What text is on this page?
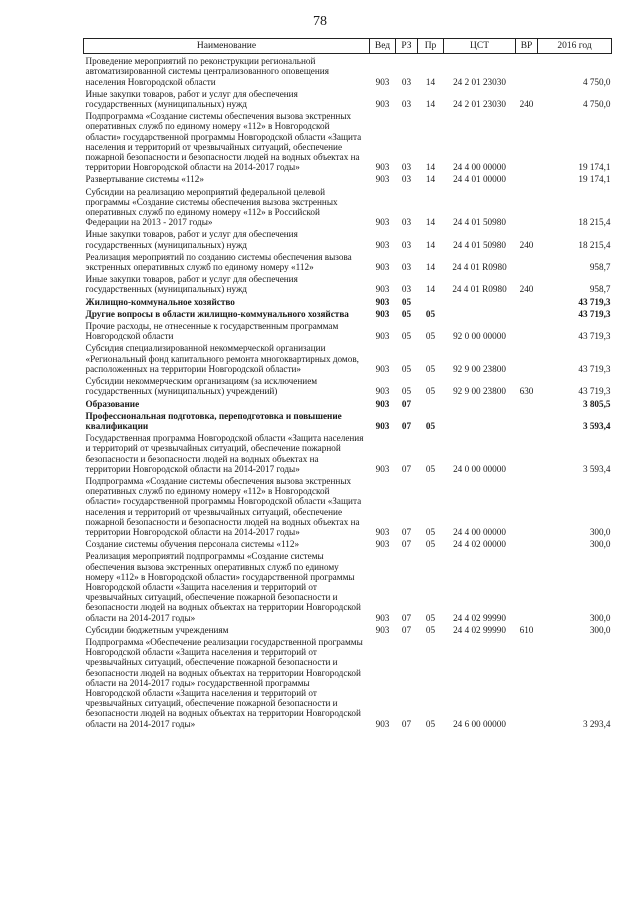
78
Наименование	Вед	РЗ	Пр	ЦСТ	ВР	2016 год
Проведение мероприятий по реконструкции региональной автоматизированной системы централизованного оповещения населения Новгородской области	903	03	14	24 2 01 23030		4 750,0
Иные закупки товаров, работ и услуг для обеспечения государственных (муниципальных) нужд	903	03	14	24 2 01 23030	240	4 750,0
Подпрограмма «Создание системы обеспечения вызова экстренных оперативных служб по единому номеру «112» в Новгородской области» государственной программы Новгородской области «Защита населения и территорий от чрезвычайных ситуаций, обеспечение пожарной безопасности и безопасности людей на водных объектах на территории Новгородской области на 2014-2017 годы»	903	03	14	24 4 00 00000		19 174,1
Развертывание системы «112»	903	03	14	24 4 01 00000		19 174,1
Субсидии на реализацию мероприятий федеральной целевой программы «Создание системы обеспечения вызова экстренных оперативных служб по единому номеру «112» в Российской Федерации на 2013 - 2017 годы»	903	03	14	24 4 01 50980		18 215,4
Иные закупки товаров, работ и услуг для обеспечения государственных (муниципальных) нужд	903	03	14	24 4 01 50980	240	18 215,4
Реализация мероприятий по созданию системы обеспечения вызова экстренных оперативных служб по единому номеру «112»	903	03	14	24 4 01 R0980		958,7
Иные закупки товаров, работ и услуг для обеспечения государственных (муниципальных) нужд	903	03	14	24 4 01 R0980	240	958,7
Жилищно-коммунальное хозяйство	903	05				43 719,3
Другие вопросы в области жилищно-коммунального хозяйства	903	05	05			43 719,3
Прочие расходы, не отнесенные к государственным программам Новгородской области	903	05	05	92 0 00 00000		43 719,3
Субсидия специализированной некоммерческой организации «Региональный фонд капитального ремонта многоквартирных домов, расположенных на территории Новгородской области»	903	05	05	92 9 00 23800		43 719,3
Субсидии некоммерческим организациям (за исключением государственных (муниципальных) учреждений)	903	05	05	92 9 00 23800	630	43 719,3
Образование	903	07				3 805,5
Профессиональная подготовка, переподготовка и повышение квалификации	903	07	05			3 593,4
Государственная программа Новгородской области «Защита населения и территорий от чрезвычайных ситуаций, обеспечение пожарной безопасности и безопасности людей на водных объектах на территории Новгородской области на 2014-2017 годы»	903	07	05	24 0 00 00000		3 593,4
Подпрограмма «Создание системы обеспечения вызова экстренных оперативных служб по единому номеру «112» в Новгородской области» государственной программы Новгородской области «Защита населения и территорий от чрезвычайных ситуаций, обеспечение пожарной безопасности и безопасности людей на водных объектах на территории Новгородской области на 2014-2017 годы»	903	07	05	24 4 00 00000		300,0
Создание системы обучения персонала системы «112»	903	07	05	24 4 02 00000		300,0
Реализация мероприятий подпрограммы «Создание системы обеспечения вызова экстренных оперативных служб по единому номеру «112» в Новгородской области» государственной программы Новгородской области «Защита населения и территорий от чрезвычайных ситуаций, обеспечение пожарной безопасности и безопасности людей на водных объектах на территории Новгородской области на 2014-2017 годы»	903	07	05	24 4 02 99990		300,0
Субсидии бюджетным учреждениям	903	07	05	24 4 02 99990	610	300,0
Подпрограмма «Обеспечение реализации государственной программы Новгородской области «Защита населения и территорий от чрезвычайных ситуаций, обеспечение пожарной безопасности и безопасности людей на водных объектах на территории Новгородской области на 2014-2017 годы» государственной программы Новгородской области «Защита населения и территорий от чрезвычайных ситуаций, обеспечение пожарной безопасности и безопасности людей на водных объектах на территории Новгородской области на 2014-2017 годы»	903	07	05	24 6 00 00000		3 293,4
